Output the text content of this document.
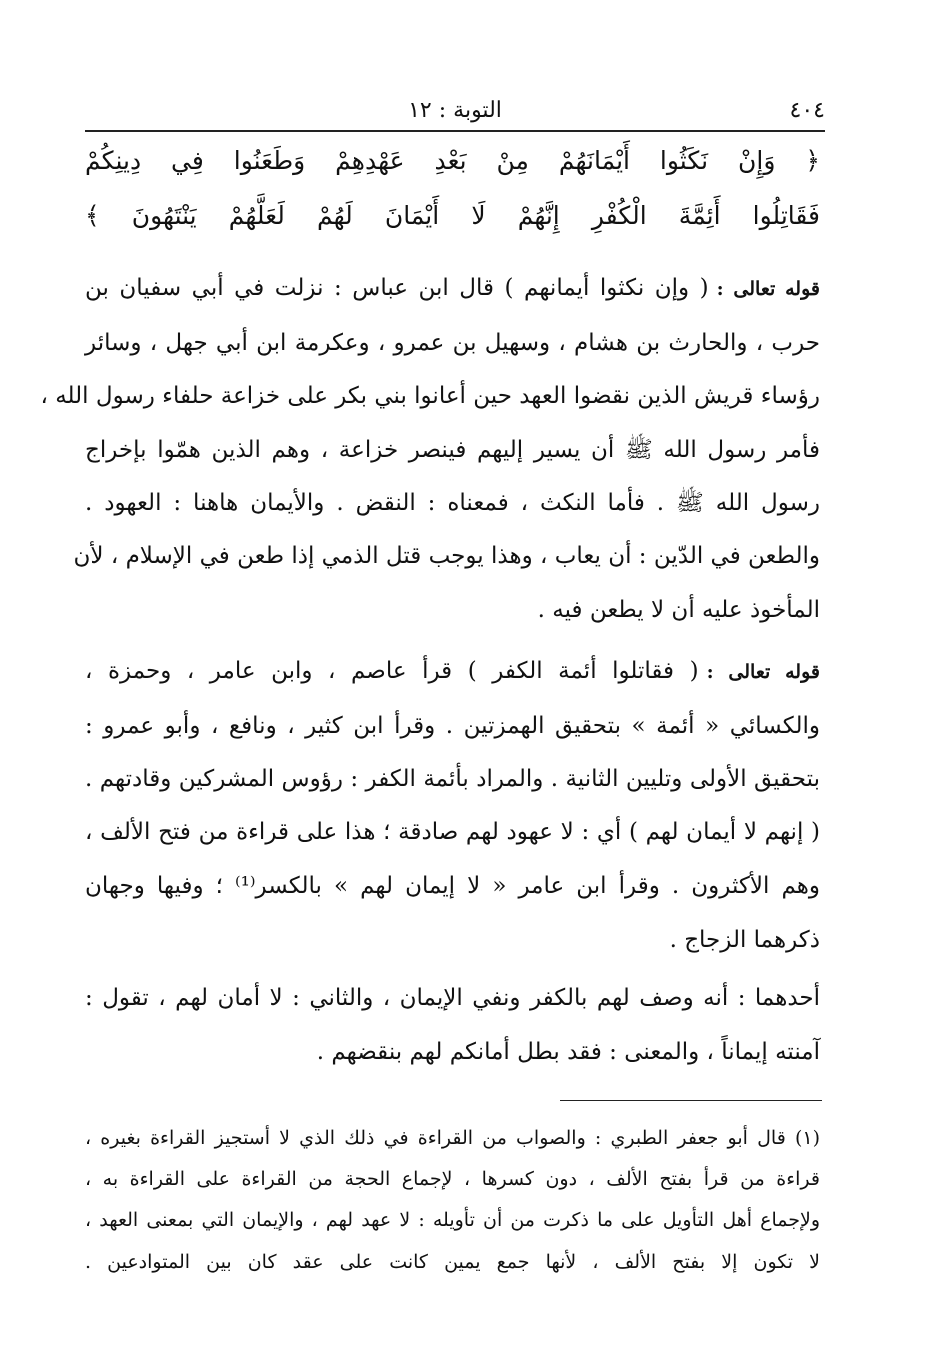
٤٠٤
التوبة : ١٢
﴿ وَإِنْ نَكَثُوا أَيْمَانَهُمْ مِنْ بَعْدِ عَهْدِهِمْ وَطَعَنُوا فِي دِينِكُمْ
فَقَاتِلُوا أَئِمَّةَ الْكُفْرِ إِنَّهُمْ لَا أَيْمَانَ لَهُمْ لَعَلَّهُمْ يَنْتَهُونَ ﴾
قوله تعالى :( وإن نكثوا أيمانهم ) قال ابن عباس : نزلت في أبي سفيان بن
حرب ، والحارث بن هشام ، وسهيل بن عمرو ، وعكرمة ابن أبي جهل ، وسائر
رؤساء قريش الذين نقضوا العهد حين أعانوا بني بكر على خزاعة حلفاء رسول الله ،
فأمر رسول الله ﷺ أن يسير إليهم فينصر خزاعة ، وهم الذين همّوا بإخراج
رسول الله ﷺ . فأما النكث ، فمعناه : النقض . والأيمان هاهنا : العهود .
والطعن في الدّين : أن يعاب ، وهذا يوجب قتل الذمي إذا طعن في الإسلام ، لأن
المأخوذ عليه أن لا يطعن فيه .
قوله تعالى :( فقاتلوا أئمة الكفر ) قرأ عاصم ، وابن عامر ، وحمزة ،
والكسائي « أئمة » بتحقيق الهمزتين . وقرأ ابن كثير ، ونافع ، وأبو عمرو :
بتحقيق الأولى وتليين الثانية . والمراد بأئمة الكفر : رؤوس المشركين وقادتهم .
( إنهم لا أيمان لهم ) أي : لا عهود لهم صادقة ؛ هذا على قراءة من فتح الألف ،
وهم الأكثرون . وقرأ ابن عامر « لا إيمان لهم » بالكسر⁽¹⁾ ؛ وفيها وجهان
ذكرهما الزجاج .
أحدهما : أنه وصف لهم بالكفر ونفي الإيمان ، والثاني : لا أمان لهم ، تقول :
آمنته إيماناً ، والمعنى : فقد بطل أمانكم لهم بنقضهم .
(١) قال أبو جعفر الطبري : والصواب من القراءة في ذلك الذي لا أستجيز القراءة بغيره ،
قراءة من قرأ بفتح الألف ، دون كسرها ، لإجماع الحجة من القراءة على القراءة به ،
ولإجماع أهل التأويل على ما ذكرت من أن تأويله : لا عهد لهم ، والإيمان التي بمعنى العهد ،
لا تكون إلا بفتح الألف ، لأنها جمع يمين كانت على عقد كان بين المتوادعين .
